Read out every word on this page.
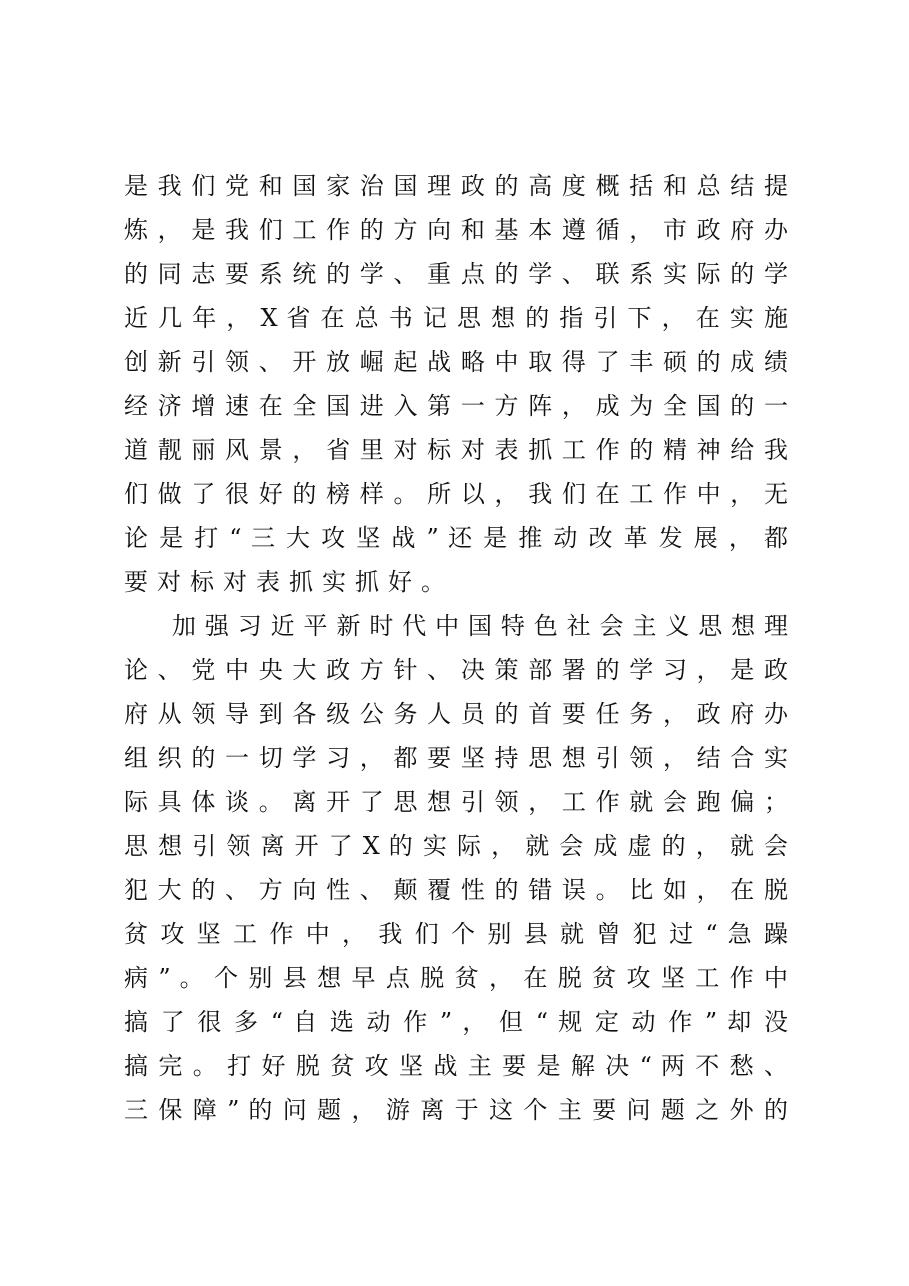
是 我 们 党 和 国 家 治 国 理 政 的 高 度 概 括 和 总 结 提
炼 ， 是 我 们 工 作 的 方 向 和 基 本 遵 循 ， 市 政 府 办
的 同 志 要 系 统 的 学 、 重 点 的 学 、 联 系 实 际 的 学
近 几 年 ， X 省 在 总 书 记 思 想 的 指 引 下 ， 在 实 施
创 新 引 领 、 开 放 崛 起 战 略 中 取 得 了 丰 硕 的 成 绩
经 济 增 速 在 全 国 进 入 第 一 方 阵 ， 成 为 全 国 的 一
道 靓 丽 风 景 ， 省 里 对 标 对 表 抓 工 作 的 精 神 给 我
们 做 了 很 好 的 榜 样 。 所 以 ， 我 们 在 工 作 中 ， 无
论 是 打 “ 三 大 攻 坚 战 ” 还 是 推 动 改 革 发 展 ， 都
要对标对表抓实抓好。
加 强 习 近 平 新 时 代 中 国 特 色 社 会 主 义 思 想 理
论 、 党 中 央 大 政 方 针 、 决 策 部 署 的 学 习 ， 是 政
府 从 领 导 到 各 级 公 务 人 员 的 首 要 任 务 ， 政 府 办
组 织 的 一 切 学 习 ， 都 要 坚 持 思 想 引 领 ， 结 合 实
际 具 体 谈 。 离 开 了 思 想 引 领 ， 工 作 就 会 跑 偏 ；
思 想 引 领 离 开 了 X 的 实 际 ， 就 会 成 虚 的 ， 就 会
犯 大 的 、 方 向 性 、 颠 覆 性 的 错 误 。 比 如 ， 在 脱
贫 攻 坚 工 作 中 ， 我 们 个 别 县 就 曾 犯 过 “ 急 躁
病 ” 。 个 别 县 想 早 点 脱 贫 ， 在 脱 贫 攻 坚 工 作 中
搞 了 很 多 “ 自 选 动 作 ” ， 但 “ 规 定 动 作 ” 却 没
搞 完 。 打 好 脱 贫 攻 坚 战 主 要 是 解 决 “ 两 不 愁 、
三 保 障 ” 的 问 题 ， 游 离 于 这 个 主 要 问 题 之 外 的
